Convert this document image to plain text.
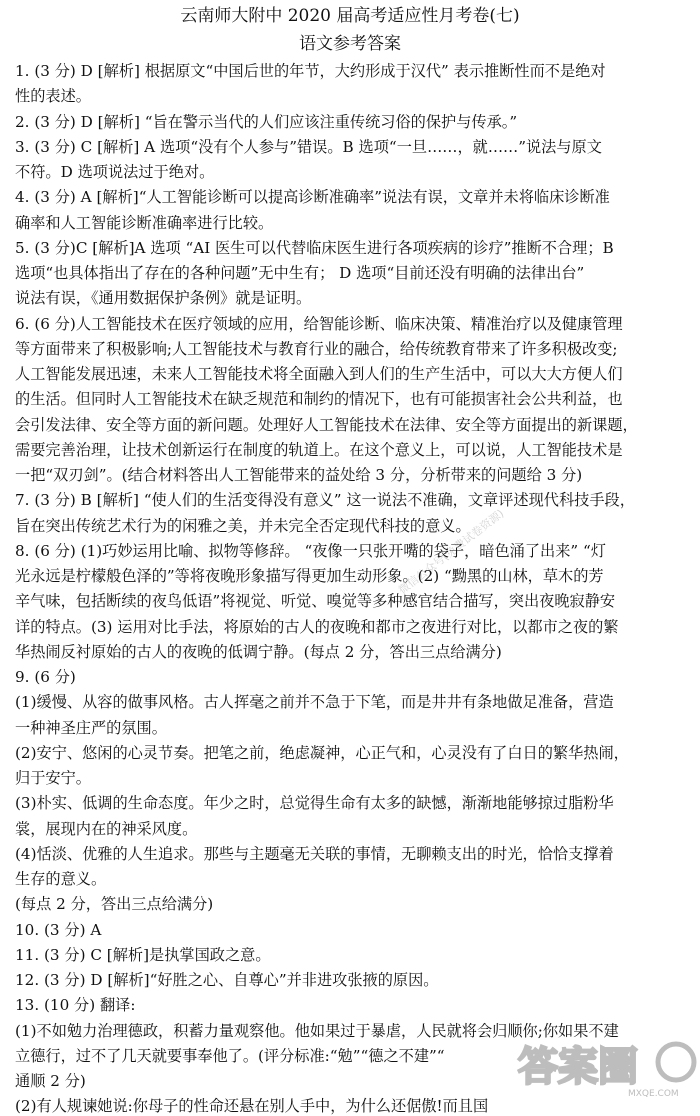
云南师大附中 2020 届高考适应性月考卷(七)
语文参考答案
1. (3 分) D [解析] 根据原文“中国后世的年节，大约形成于汉代” 表示推断性而不是绝对
性的表述。
2. (3 分) D [解析] “旨在警示当代的人们应该注重传统习俗的保护与传承。”
3. (3 分) C [解析] A 选项“没有个人参与”错误。B 选项“一旦……，就……”说法与原文
不符。D 选项说法过于绝对。
4. (3 分) A [解析]“人工智能诊断可以提高诊断准确率”说法有误，文章并未将临床诊断准
确率和人工智能诊断准确率进行比较。
5. (3 分)C [解析]A 选项 “AI 医生可以代替临床医生进行各项疾病的诊疗”推断不合理；B
选项“也具体指出了存在的各种问题”无中生有； D 选项“目前还没有明确的法律出台”
说法有误，《通用数据保护条例》就是证明。
6. (6 分)人工智能技术在医疗领域的应用，给智能诊断、临床决策、精准治疗以及健康管理
等方面带来了积极影响;人工智能技术与教育行业的融合，给传统教育带来了许多积极改变;
人工智能发展迅速，未来人工智能技术将全面融入到人们的生产生活中，可以大大方便人们
的生活。但同时人工智能技术在缺乏规范和制约的情况下，也有可能损害社会公共利益，也
会引发法律、安全等方面的新问题。处理好人工智能技术在法律、安全等方面提出的新课题，
需要完善治理，让技术创新运行在制度的轨道上。在这个意义上，可以说，人工智能技术是
一把“双刃剑”。(结合材料答出人工智能带来的益处给 3 分，分析带来的问题给 3 分)
7. (3 分) B [解析] “使人们的生活变得没有意义” 这一说法不准确，文章评述现代科技手段，
旨在突出传统艺术行为的闲雅之美，并未完全否定现代科技的意义。
8. (6 分) (1)巧妙运用比喻、拟物等修辞。 “夜像一只张开嘴的袋子，暗色涌了出来” “灯
光永远是柠檬般色泽的”等将夜晚形象描写得更加生动形象。(2) “黝黑的山林，草木的芳
辛气味，包括断续的夜鸟低语”将视觉、听觉、嗅觉等多种感官结合描写，突出夜晚寂静安
详的特点。(3) 运用对比手法，将原始的古人的夜晚和都市之夜进行对比，以都市之夜的繁
华热闹反衬原始的古人的夜晚的低调宁静。(每点 2 分，答出三点给满分)
9. (6 分)
(1)缓慢、从容的做事风格。古人挥毫之前并不急于下笔，而是井井有条地做足准备，营造
一种神圣庄严的氛围。
(2)安宁、悠闲的心灵节奏。把笔之前，绝虑凝神，心正气和，心灵没有了白日的繁华热闹，
归于安宁。
(3)朴实、低调的生命态度。年少之时，总觉得生命有太多的缺憾，渐渐地能够掠过脂粉华
裳，展现内在的神采风度。
(4)恬淡、优雅的人生追求。那些与主题毫无关联的事情，无聊赖支出的时光，恰恰支撑着
生存的意义。
(每点 2 分，答出三点给满分)
10. (3 分) A
11. (3 分) C [解析]是执掌国政之意。
12. (3 分) D [解析]“好胜之心、自尊心”并非进攻张掖的原因。
13. (10 分) 翻译:
(1)不如勉力治理德政，积蓄力量观察他。他如果过于暴虐，人民就将会归顺你;你如果不建
立德行，过不了几天就要事奉他了。(评分标准:“勉”“德之不建”“
通顺 2 分)
(2)有人规谏她说:你母子的性命还悬在别人手中，为什么还倨傲!而且国
微信公众号(免费试卷资源)
答案圈
MXQE.COM
